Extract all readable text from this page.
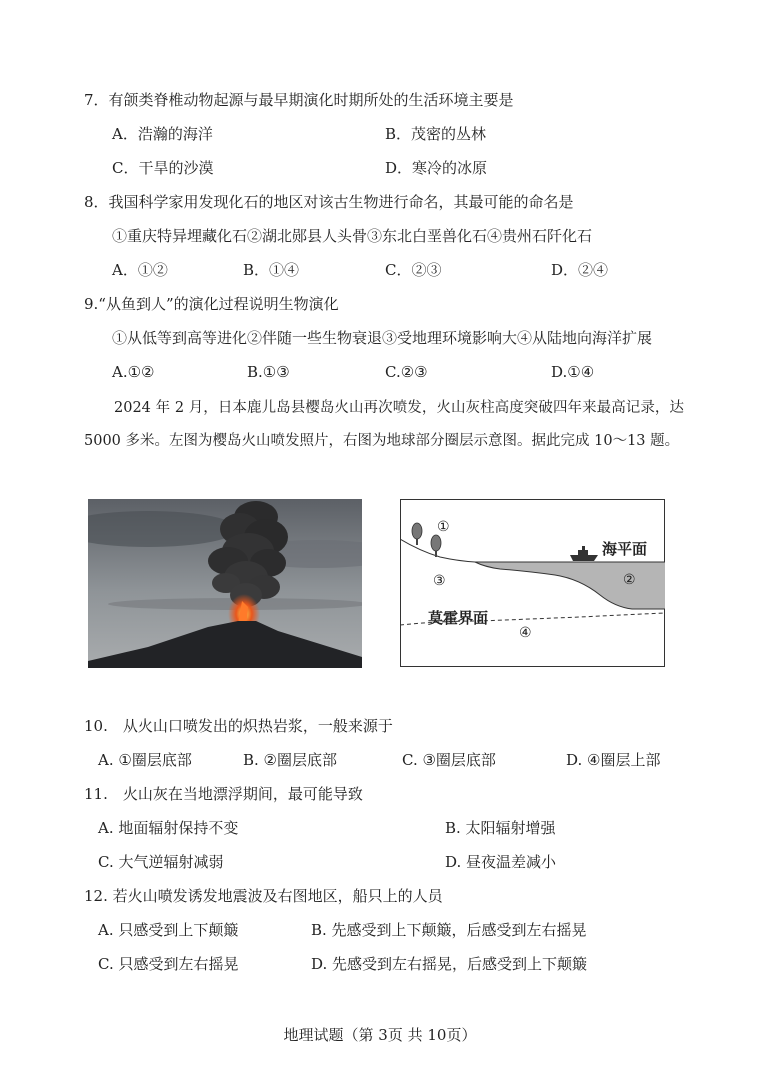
7．有颌类脊椎动物起源与最早期演化时期所处的生活环境主要是
A．浩瀚的海洋	B．茂密的丛林
C．干旱的沙漠	D．寒冷的冰原
8．我国科学家用发现化石的地区对该古生物进行命名，其最可能的命名是
①重庆特异埋藏化石②湖北郧县人头骨③东北白垩兽化石④贵州石阡化石
A．①②	B．①④	C．②③	D．②④
9.“从鱼到人”的演化过程说明生物演化
①从低等到高等进化②伴随一些生物衰退③受地理环境影响大④从陆地向海洋扩展
A.①②	B.①③	C.②③	D.①④
2024 年 2 月，日本鹿儿岛县樱岛火山再次喷发，火山灰柱高度突破四年来最高记录，达 5000 多米。左图为樱岛火山喷发照片，右图为地球部分圈层示意图。据此完成 10～13 题。
①
②
③
④
海平面
莫霍界面
10.　从火山口喷发出的炽热岩浆，一般来源于
A. ①圈层底部	B. ②圈层底部	C. ③圈层底部	D. ④圈层上部
11.　火山灰在当地漂浮期间，最可能导致
A. 地面辐射保持不变	B. 太阳辐射增强
C. 大气逆辐射减弱	D. 昼夜温差减小
12. 若火山喷发诱发地震波及右图地区，船只上的人员
A. 只感受到上下颠簸	B. 先感受到上下颠簸，后感受到左右摇晃
C. 只感受到左右摇晃	D. 先感受到左右摇晃，后感受到上下颠簸
地理试题（第 3页 共 10页）
